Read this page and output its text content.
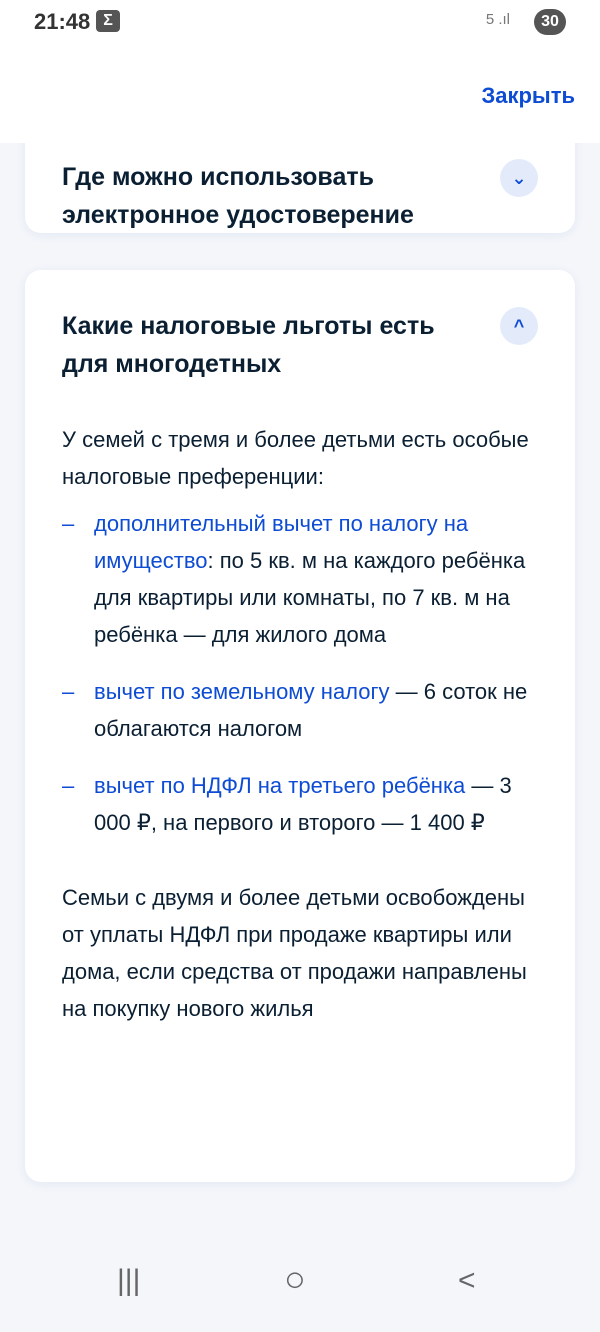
21:48 Σ	5 .ıl	30
Закрыть
Где можно использовать электронное удостоверение
⌄
Какие налоговые льготы есть для многодетных
^

У семей с тремя и более детьми есть особые налоговые преференции:

– дополнительный вычет по налогу на имущество: по 5 кв. м на каждого ребёнка для квартиры или комнаты, по 7 кв. м на ребёнка — для жилого дома
– вычет по земельному налогу — 6 соток не облагаются налогом
– вычет по НДФЛ на третьего ребёнка — 3 000 ₽, на первого и второго — 1 400 ₽

Семьи с двумя и более детьми освобождены от уплаты НДФЛ при продаже квартиры или дома, если средства от продажи направлены на покупку нового жилья

|||	○	<
